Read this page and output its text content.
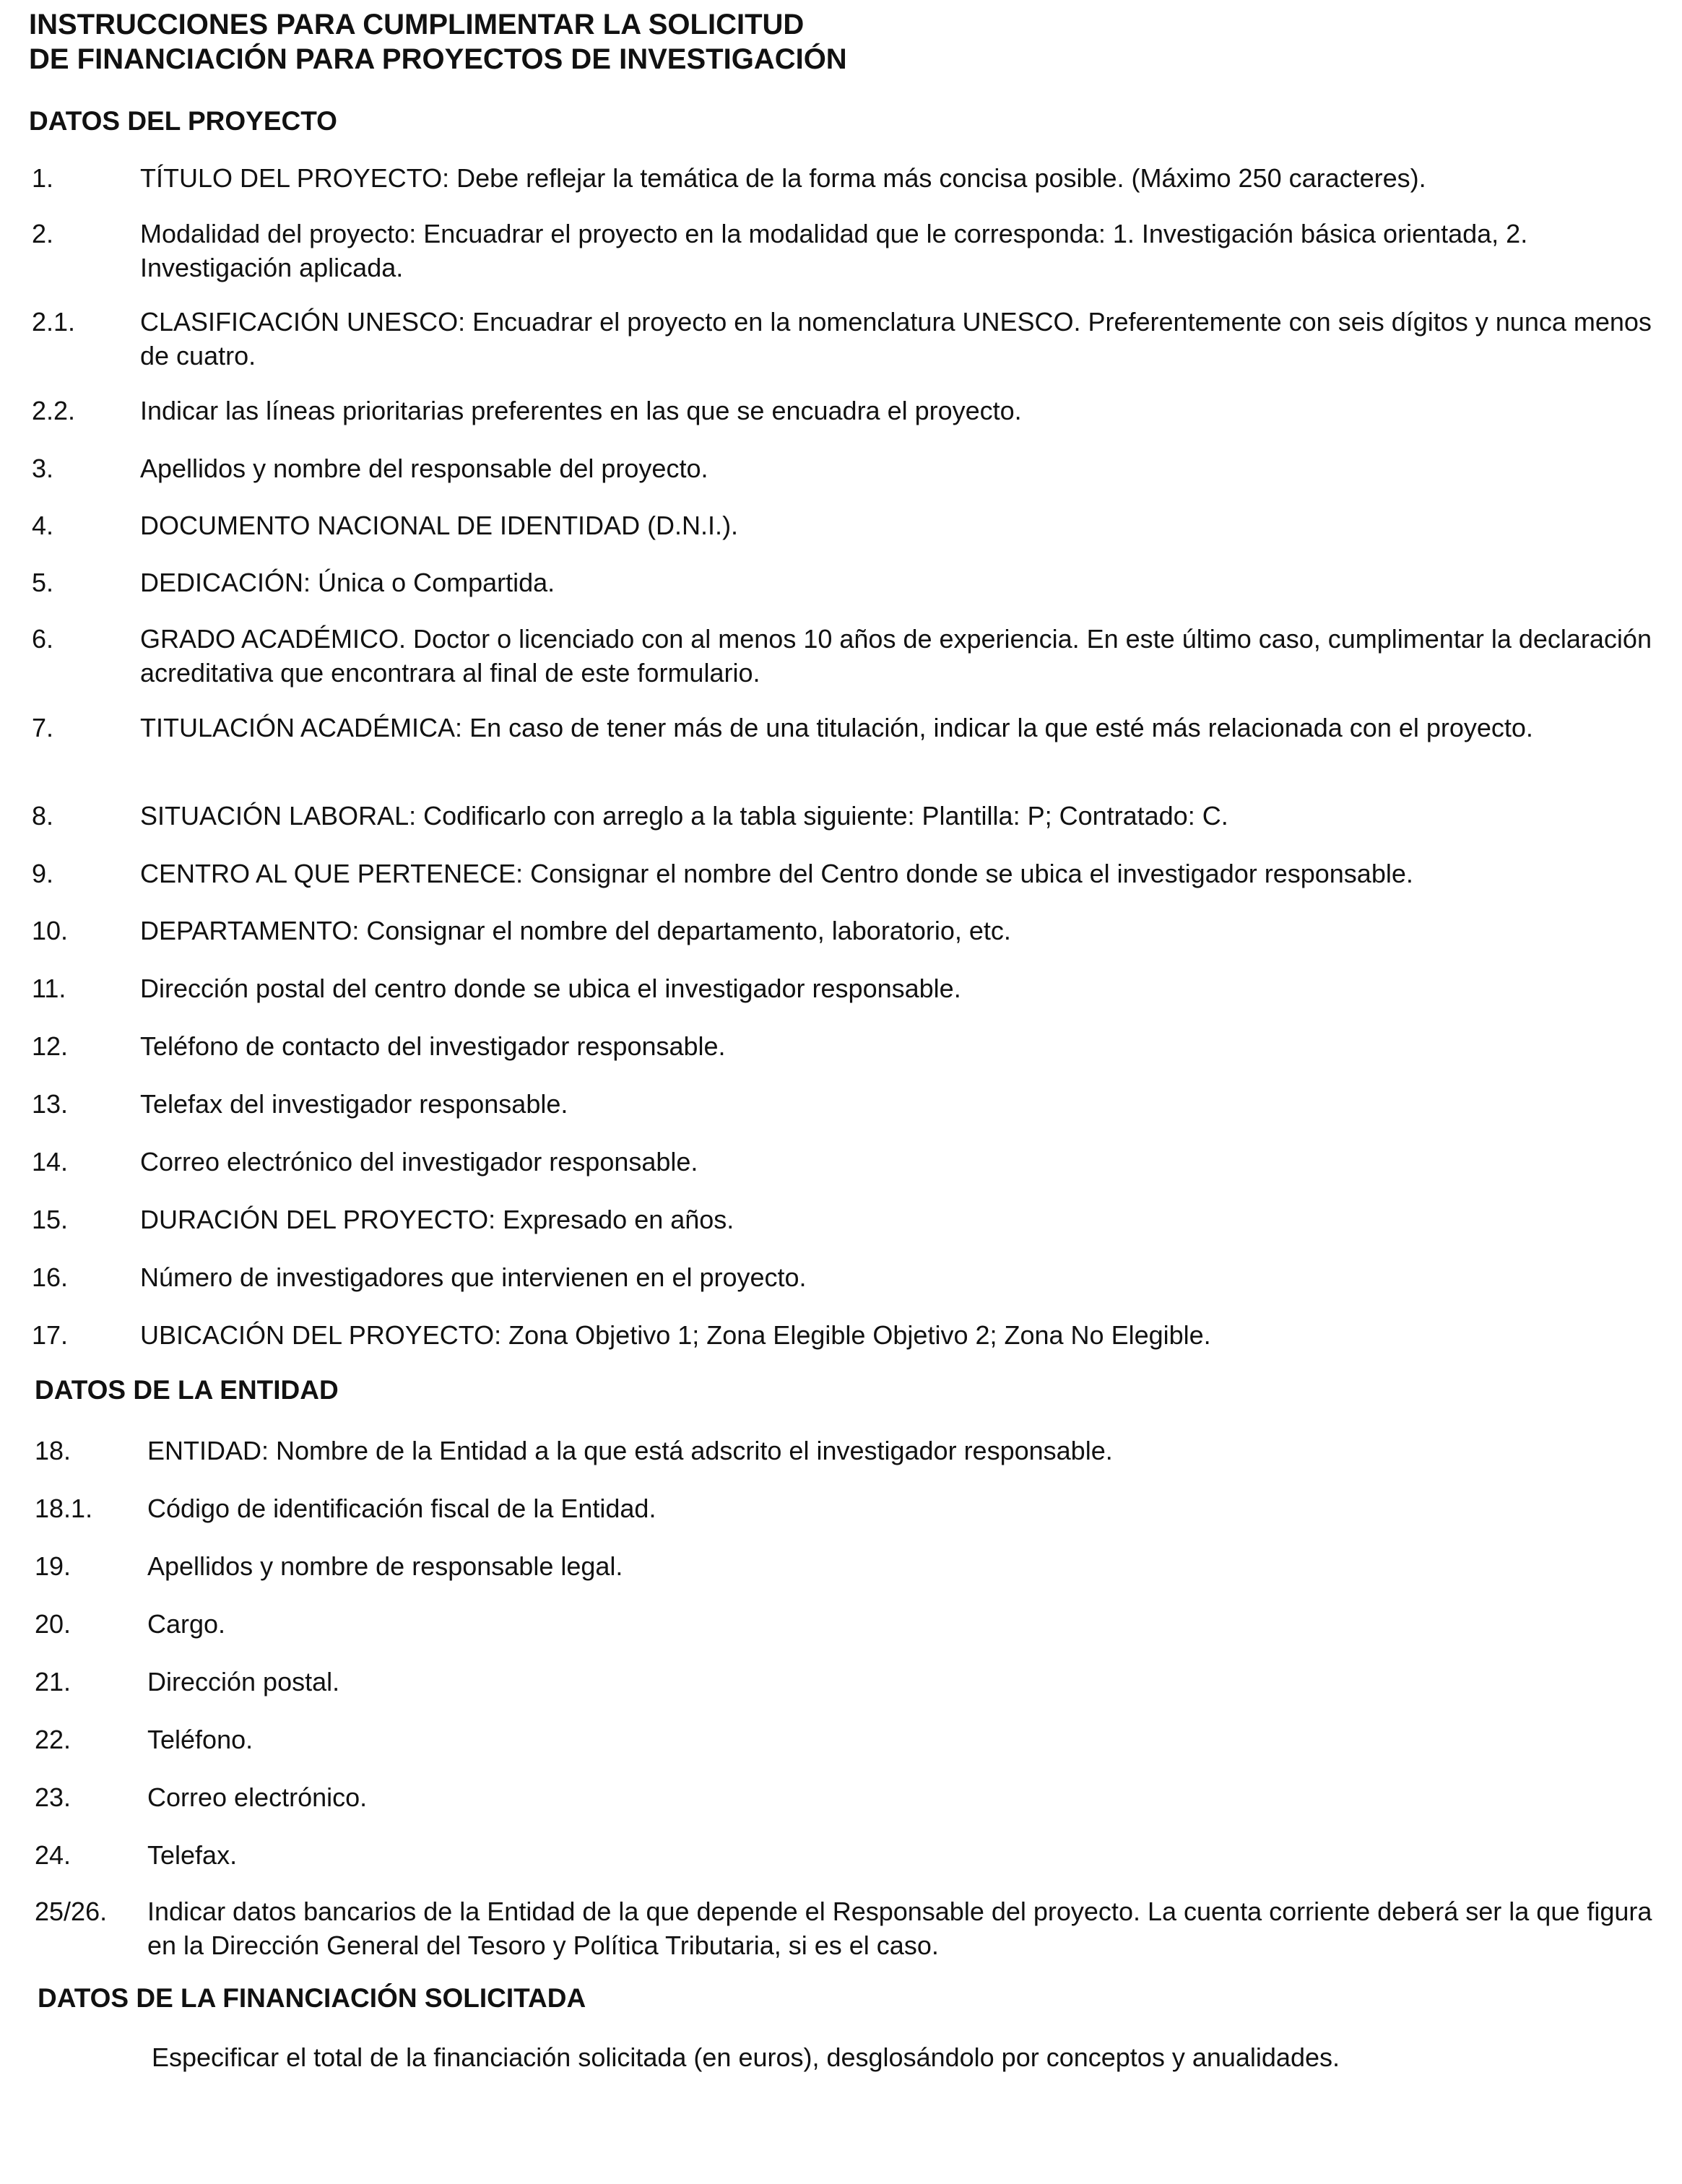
INSTRUCCIONES PARA CUMPLIMENTAR LA SOLICITUD
DE FINANCIACIÓN PARA PROYECTOS DE INVESTIGACIÓN
DATOS DEL PROYECTO
1.	TÍTULO DEL PROYECTO: Debe reflejar la temática de la forma más concisa posible. (Máximo 250 caracteres).
2.	Modalidad del proyecto: Encuadrar el proyecto en la modalidad que le corresponda: 1. Investigación básica orientada, 2. Investigación aplicada.
2.1. CLASIFICACIÓN UNESCO: Encuadrar el proyecto en la nomenclatura UNESCO. Preferentemente con seis dígitos y nunca menos de cuatro.
2.2. Indicar las líneas prioritarias preferentes en las que se encuadra el proyecto.
3.	Apellidos y nombre del responsable del proyecto.
4.	DOCUMENTO NACIONAL DE IDENTIDAD (D.N.I.).
5.	DEDICACIÓN: Única o Compartida.
6.	GRADO ACADÉMICO. Doctor o licenciado con al menos 10 años de experiencia. En este último caso, cumplimentar la declaración acreditativa que encontrara al final de este formulario.
7.	TITULACIÓN ACADÉMICA: En caso de tener más de una titulación, indicar la que esté más relacionada con el proyecto.
8.	SITUACIÓN LABORAL: Codificarlo con arreglo a la tabla siguiente: Plantilla: P; Contratado: C.
9.	CENTRO AL QUE PERTENECE: Consignar el nombre del Centro donde se ubica el investigador responsable.
10.	DEPARTAMENTO: Consignar el nombre del departamento, laboratorio, etc.
11.	Dirección postal del centro donde se ubica el investigador responsable.
12.	Teléfono de contacto del investigador responsable.
13.	Telefax del investigador responsable.
14.	Correo electrónico del investigador responsable.
15.	DURACIÓN DEL PROYECTO: Expresado en años.
16.	Número de investigadores que intervienen en el proyecto.
17.	UBICACIÓN DEL PROYECTO: Zona Objetivo 1; Zona Elegible Objetivo 2; Zona No Elegible.
DATOS DE LA ENTIDAD
18.	ENTIDAD: Nombre de la Entidad a la que está adscrito el investigador responsable.
18.1. Código de identificación fiscal de la Entidad.
19.	Apellidos y nombre de responsable legal.
20.	Cargo.
21.	Dirección postal.
22.	Teléfono.
23.	Correo electrónico.
24.	Telefax.
25/26. Indicar datos bancarios de la Entidad de la que depende el Responsable del proyecto. La cuenta corriente deberá ser la que figura en la Dirección General del Tesoro y Política Tributaria, si es el caso.
DATOS DE LA FINANCIACIÓN SOLICITADA
Especificar el total de la financiación solicitada (en euros), desglosándolo por conceptos y anualidades.
